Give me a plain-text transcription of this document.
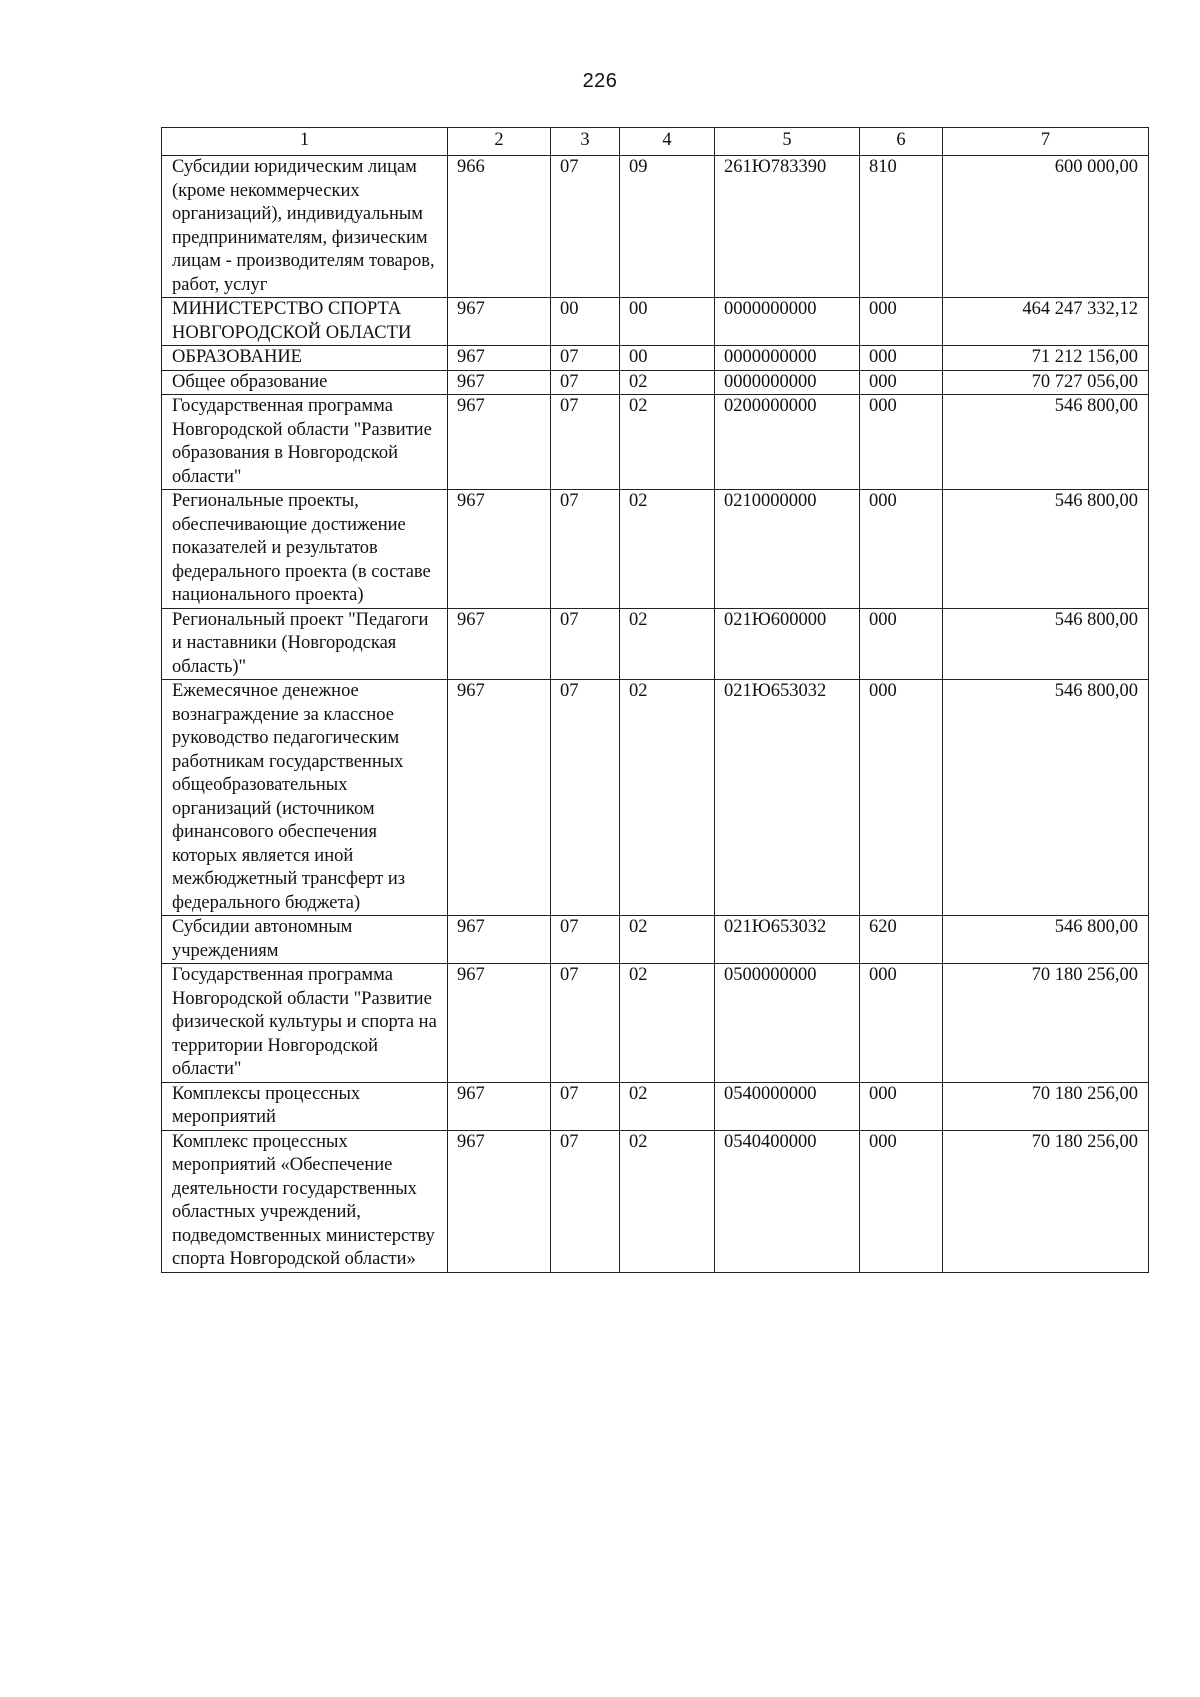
226
1	2	3	4	5	6	7
Субсидии юридическим лицам (кроме некоммерческих организаций), индивидуальным предпринимателям, физическим лицам - производителям товаров, работ, услуг	966	07	09	261Ю783390	810	600 000,00
МИНИСТЕРСТВО СПОРТА НОВГОРОДСКОЙ ОБЛАСТИ	967	00	00	0000000000	000	464 247 332,12
ОБРАЗОВАНИЕ	967	07	00	0000000000	000	71 212 156,00
Общее образование	967	07	02	0000000000	000	70 727 056,00
Государственная программа Новгородской области "Развитие образования в Новгородской области"	967	07	02	0200000000	000	546 800,00
Региональные проекты, обеспечивающие достижение показателей и результатов федерального проекта (в составе национального проекта)	967	07	02	0210000000	000	546 800,00
Региональный проект "Педагоги и наставники (Новгородская область)"	967	07	02	021Ю600000	000	546 800,00
Ежемесячное денежное вознаграждение за классное руководство педагогическим работникам государственных общеобразовательных организаций (источником финансового обеспечения которых является иной межбюджетный трансферт из федерального бюджета)	967	07	02	021Ю653032	000	546 800,00
Субсидии автономным учреждениям	967	07	02	021Ю653032	620	546 800,00
Государственная программа Новгородской области "Развитие физической культуры и спорта на территории Новгородской области"	967	07	02	0500000000	000	70 180 256,00
Комплексы процессных мероприятий	967	07	02	0540000000	000	70 180 256,00
Комплекс процессных мероприятий «Обеспечение деятельности государственных областных учреждений, подведомственных министерству спорта Новгородской области»	967	07	02	0540400000	000	70 180 256,00
